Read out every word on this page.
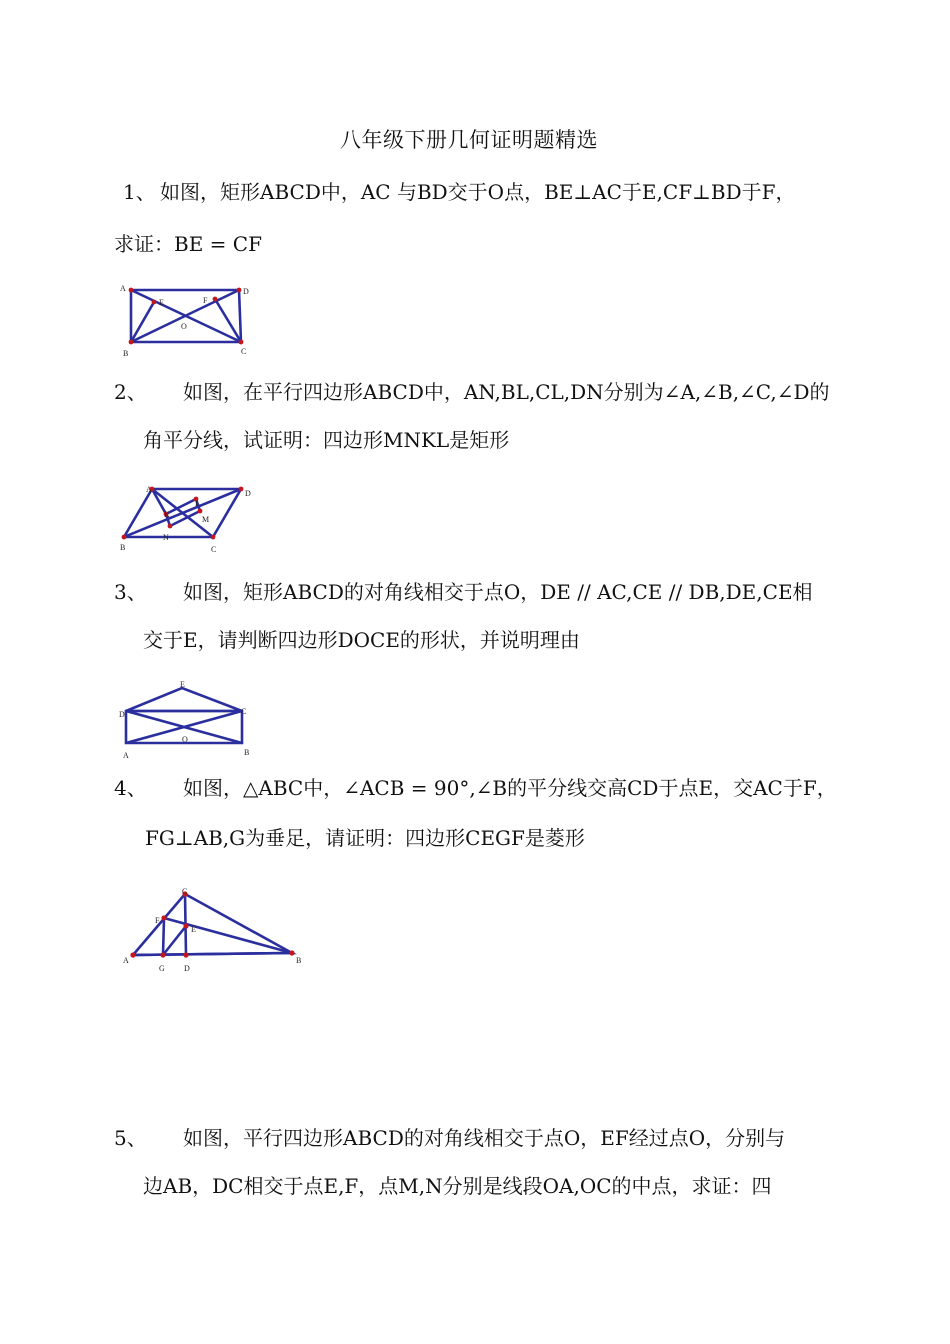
八年级下册几何证明题精选
1、 如图，矩形ABCD中，AC 与BD交于O点，BE⊥AC于E,CF⊥BD于F，
求证：BE = CF
A	D
E	F
O
B	C
2、 如图，在平行四边形ABCD中，AN,BL,CL,DN分别为∠A,∠B,∠C,∠D的
角平分线，试证明：四边形MNKL是矩形
A	D
L
K
M
B
N
C
3、 如图，矩形ABCD的对角线相交于点O，DE // AC,CE // DB,DE,CE相
交于E，请判断四边形DOCE的形状，并说明理由
E
D	C
A
O
B
4、 如图，△ABC中，∠ACB = 90°,∠B的平分线交高CD于点E，交AC于F，
FG⊥AB,G为垂足，请证明：四边形CEGF是菱形
C
F
E
A
G D
B
5、 如图，平行四边形ABCD的对角线相交于点O，EF经过点O，分别与
边AB，DC相交于点E,F，点M,N分别是线段OA,OC的中点，求证：四
